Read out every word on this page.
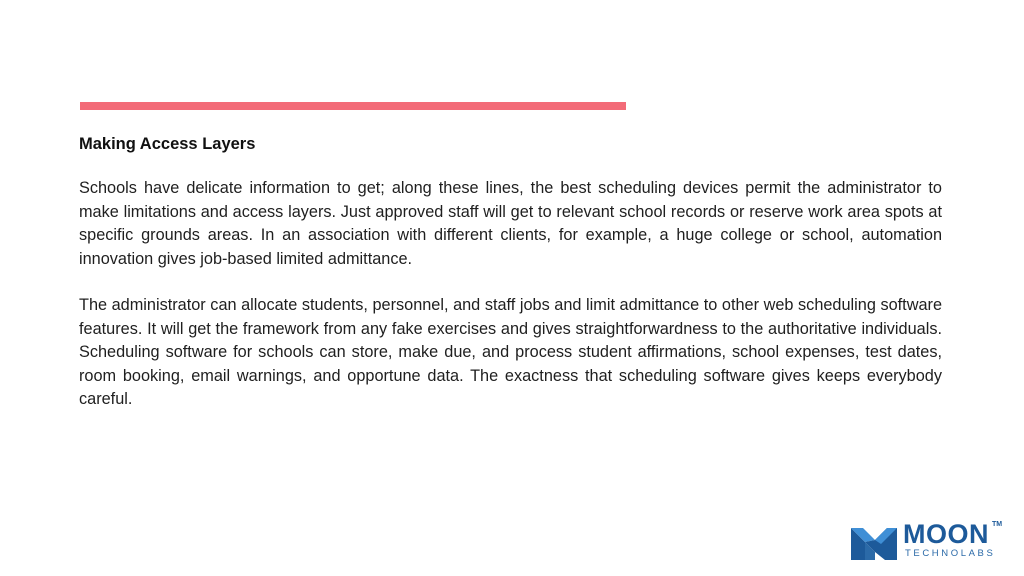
Making Access Layers

Schools have delicate information to get; along these lines, the best scheduling devices permit the administrator to make limitations and access layers. Just approved staff will get to relevant school records or reserve work area spots at specific grounds areas. In an association with different clients, for example, a huge college or school, automation innovation gives job-based limited admittance.

The administrator can allocate students, personnel, and staff jobs and limit admittance to other web scheduling software features. It will get the framework from any fake exercises and gives straightforwardness to the authoritative individuals. Scheduling software for schools can store, make due, and process student affirmations, school expenses, test dates, room booking, email warnings, and opportune data. The exactness that scheduling software gives keeps everybody careful.

MOON TM
TECHNOLABS
